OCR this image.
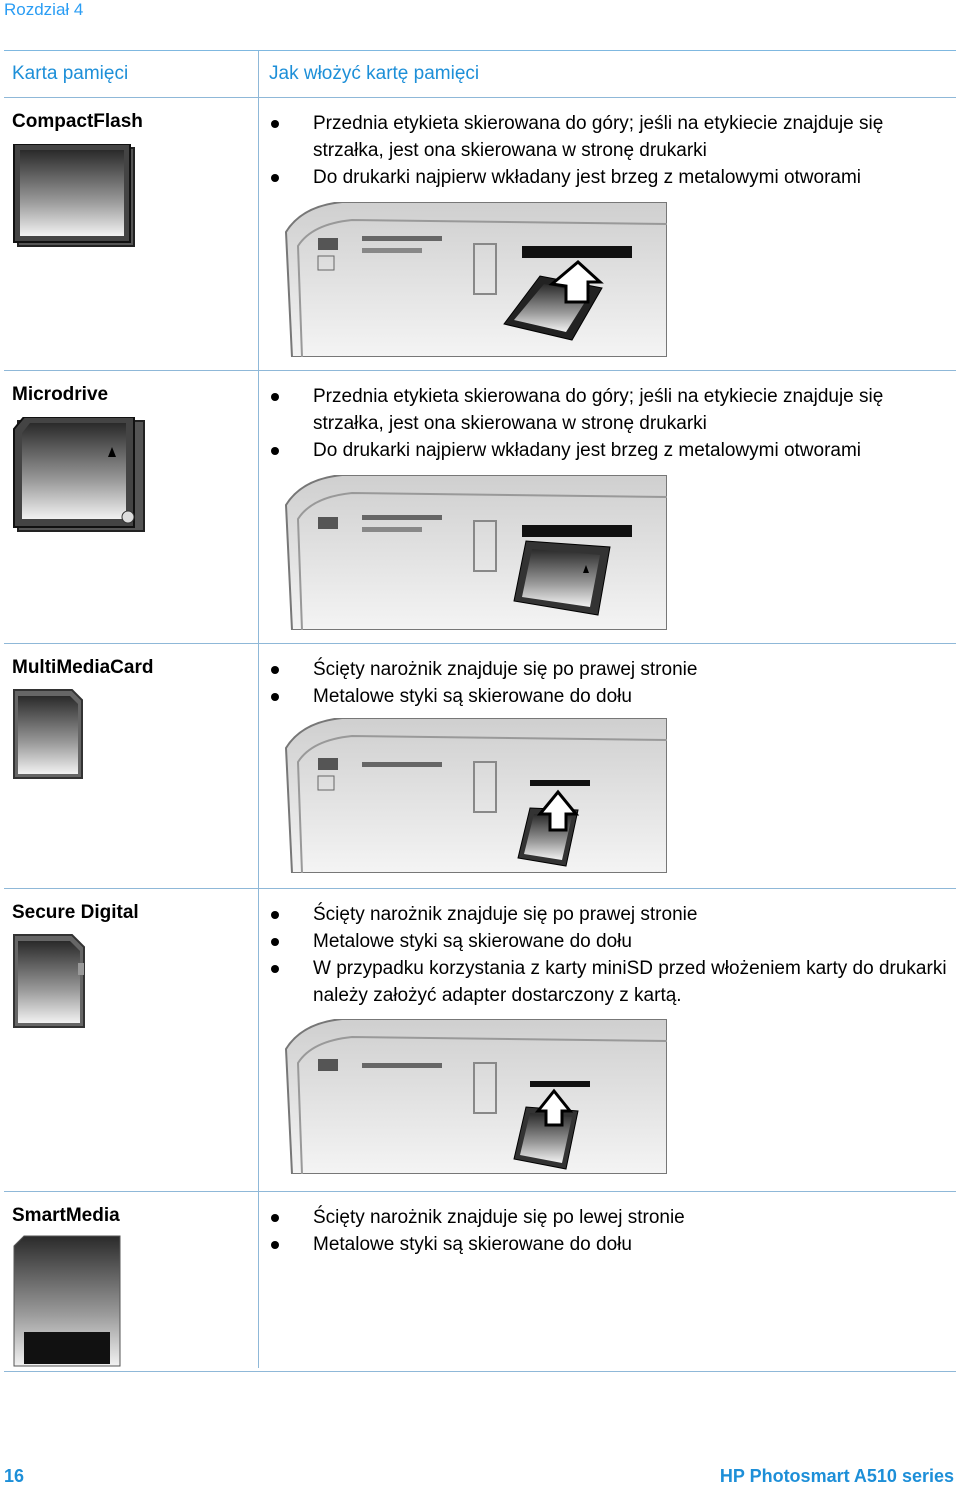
Rozdział 4
Karta pamięci	Jak włożyć kartę pamięci
CompactFlash	Przednia etykieta skierowana do góry; jeśli na etykiecie znajduje się strzałka, jest ona skierowana w stronę drukarki
Do drukarki najpierw wkładany jest brzeg z metalowymi otworami
Microdrive	Przednia etykieta skierowana do góry; jeśli na etykiecie znajduje się strzałka, jest ona skierowana w stronę drukarki
Do drukarki najpierw wkładany jest brzeg z metalowymi otworami
MultiMediaCard	Ścięty narożnik znajduje się po prawej stronie
Metalowe styki są skierowane do dołu
Secure Digital	Ścięty narożnik znajduje się po prawej stronie
Metalowe styki są skierowane do dołu
W przypadku korzystania z karty miniSD przed włożeniem karty do drukarki należy założyć adapter dostarczony z kartą.
SmartMedia	Ścięty narożnik znajduje się po lewej stronie
Metalowe styki są skierowane do dołu
16	HP Photosmart A510 series
